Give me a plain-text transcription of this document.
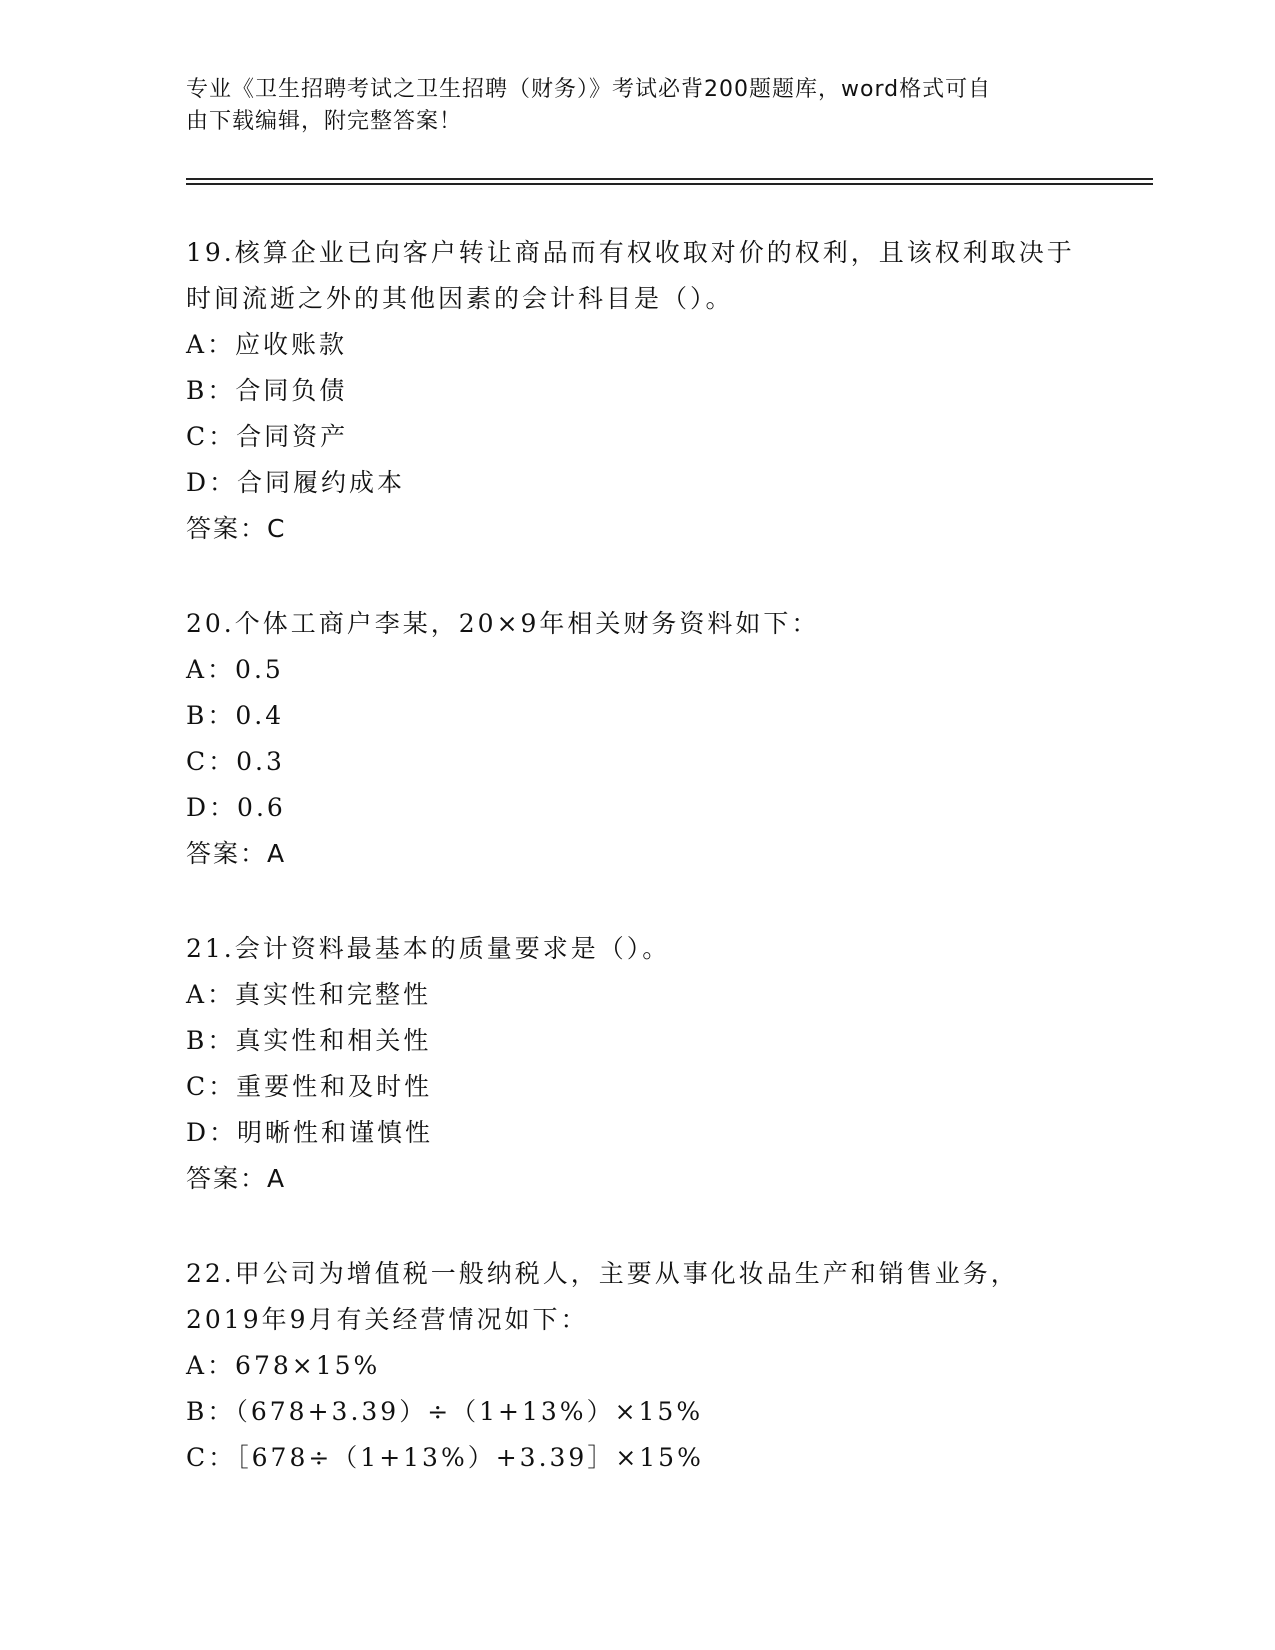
专业《卫生招聘考试之卫生招聘（财务）》考试必背200题题库，word格式可自

由下载编辑，附完整答案！

19.核算企业已向客户转让商品而有权收取对价的权利，且该权利取决于时间流逝之外的其他因素的会计科目是（）。

A：应收账款

B：合同负债

C：合同资产

D：合同履约成本

答案：C

20.个体工商户李某，20×9年相关财务资料如下：

A：0.5

B：0.4

C：0.3

D：0.6

答案：A

21.会计资料最基本的质量要求是（）。

A：真实性和完整性

B：真实性和相关性

C：重要性和及时性

D：明晰性和谨慎性

答案：A

22.甲公司为增值税一般纳税人，主要从事化妆品生产和销售业务，2019年9月有关经营情况如下：

A：678×15%

B：（678+3.39）÷（1+13%）×15%

C：［678÷（1+13%）+3.39］×15%
